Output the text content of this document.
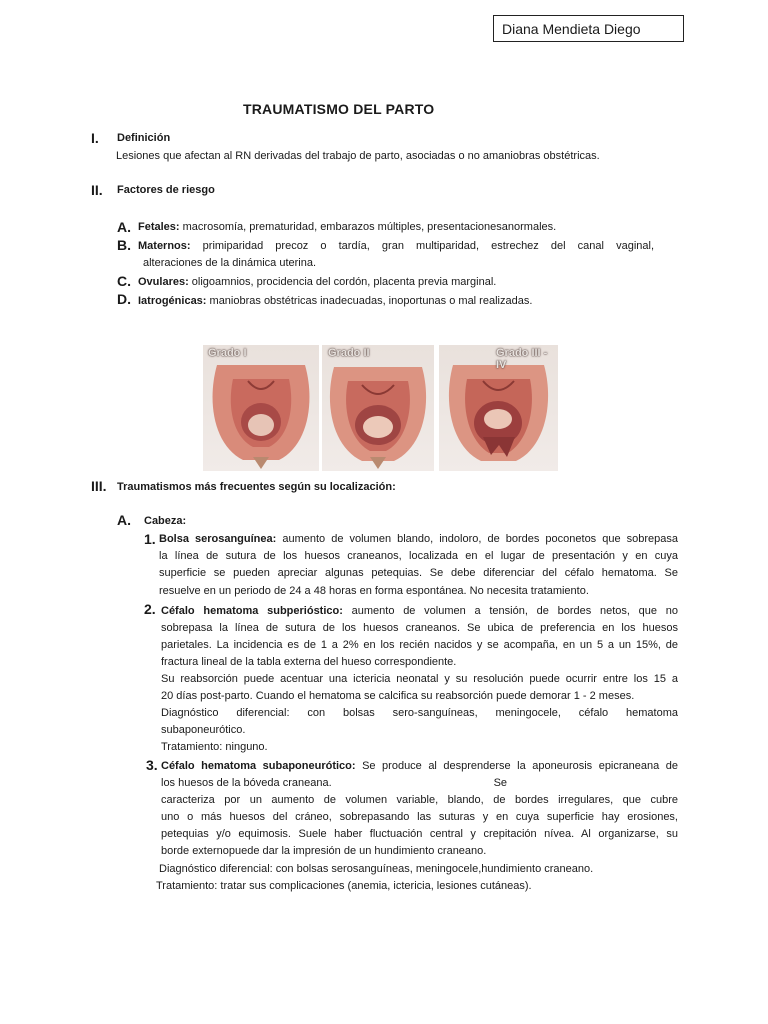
Diana Mendieta Diego
TRAUMATISMO DEL PARTO
I. Definición
Lesiones que afectan al RN derivadas del trabajo de parto, asociadas o no amaniobras obstétricas.
II. Factores de riesgo
A. Fetales: macrosomía, prematuridad, embarazos múltiples, presentacionesanormales.
B. Maternos: primiparidad precoz o tardía, gran multiparidad, estrechez del canal vaginal,
alteraciones de la dinámica uterina.
C. Ovulares: oligoamnios, procidencia del cordón, placenta previa marginal.
D. Iatrogénicas: maniobras obstétricas inadecuadas, inoportunas o mal realizadas.
Grado I	Grado II	Grado III - IV
III. Traumatismos más frecuentes según su localización:
A. Cabeza:
1. Bolsa serosanguínea: aumento de volumen blando, indoloro, de bordes poconetos que sobrepasa
la línea de sutura de los huesos craneanos, localizada en el lugar de presentación y en cuya
superficie se pueden apreciar algunas petequias. Se debe diferenciar del céfalo hematoma. Se
resuelve en un periodo de 24 a 48 horas en forma espontánea. No necesita tratamiento.
2. Céfalo hematoma subperióstico: aumento de volumen a tensión, de bordes netos, que no
sobrepasa la línea de sutura de los huesos craneanos. Se ubica de preferencia en los huesos
parietales. La incidencia es de 1 a 2% en los recién nacidos y se acompaña, en un 5 a un 15%, de
fractura lineal de la tabla externa del hueso correspondiente.
Su reabsorción puede acentuar una ictericia neonatal y su resolución puede ocurrir entre los 15 a
20 días post-parto. Cuando el hematoma se calcifica su reabsorción puede demorar 1 - 2 meses.
Diagnóstico diferencial: con bolsas sero-sanguíneas, meningocele, céfalo hematoma
subaponeurótico.
Tratamiento: ninguno.
3. Céfalo hematoma subaponeurótico: Se produce al desprenderse la aponeurosis epicraneana de
los huesos de la bóveda craneana.                                                     Se
caracteriza por un aumento de volumen variable, blando, de bordes irregulares, que cubre
uno o más huesos del cráneo, sobrepasando las suturas y en cuya superficie hay erosiones,
petequias y/o equimosis. Suele haber fluctuación central y crepitación nívea. Al organizarse, su
borde externopuede dar la impresión de un hundimiento craneano.
Diagnóstico diferencial: con bolsas serosanguíneas, meningocele,hundimiento craneano.
Tratamiento: tratar sus complicaciones (anemia, ictericia, lesiones cutáneas).
